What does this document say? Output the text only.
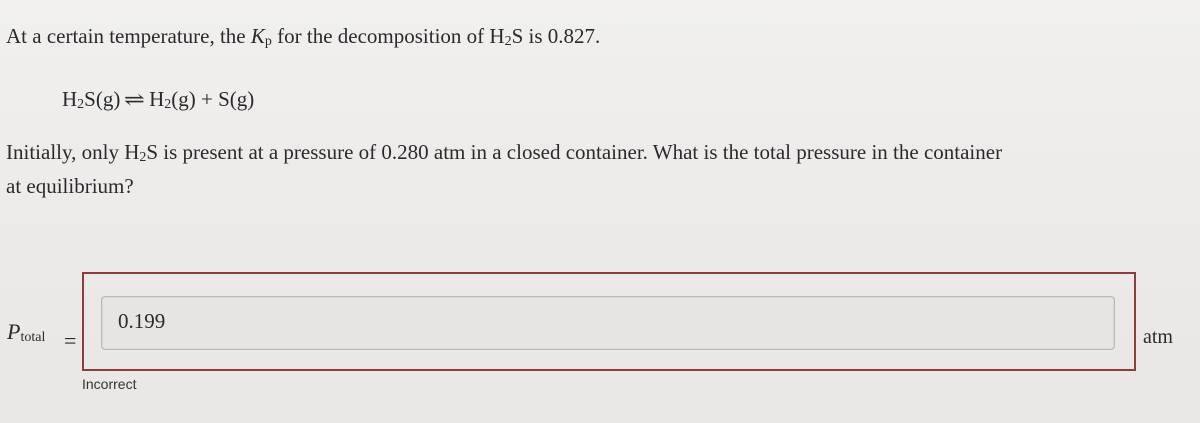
At a certain temperature, the $K_p$ for the decomposition of $H_2S$ is 0.827.
$H_2S(g)$ ⇌ $H_2(g) + S(g)$
Initially, only $H_2S$ is present at a pressure of 0.280 atm in a closed container. What is the total pressure in the container
at equilibrium?
$P_{total}$ =
0.199
atm
Incorrect
